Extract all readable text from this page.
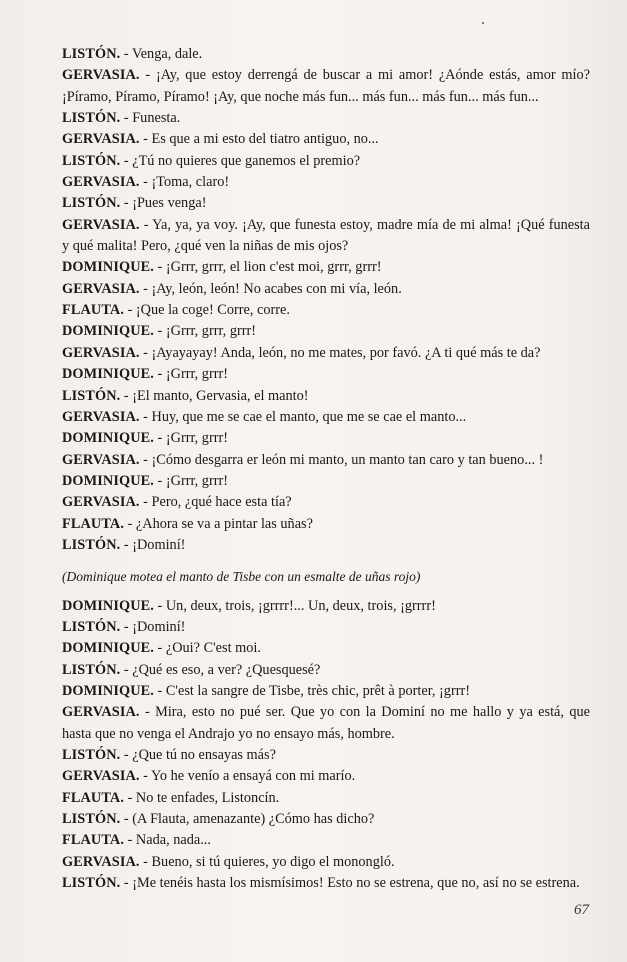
LISTÓN. - Venga, dale.
GERVASIA. - ¡Ay, que estoy derrengá de buscar a mi amor! ¿Aónde estás, amor mío? ¡Píramo, Píramo, Píramo! ¡Ay, que noche más fun... más fun... más fun... más fun...
LISTÓN. - Funesta.
GERVASIA. - Es que a mi esto del tiatro antiguo, no...
LISTÓN. - ¿Tú no quieres que ganemos el premio?
GERVASIA. - ¡Toma, claro!
LISTÓN. - ¡Pues venga!
GERVASIA. - Ya, ya, ya voy. ¡Ay, que funesta estoy, madre mía de mi alma! ¡Qué funesta y qué malita! Pero, ¿qué ven la niñas de mis ojos?
DOMINIQUE. - ¡Grrr, grrr, el lion c'est moi, grrr, grrr!
GERVASIA. - ¡Ay, león, león! No acabes con mi vía, león.
FLAUTA. - ¡Que la coge! Corre, corre.
DOMINIQUE. - ¡Grrr, grrr, grrr!
GERVASIA. - ¡Ayayayay! Anda, león, no me mates, por favó. ¿A ti qué más te da?
DOMINIQUE. - ¡Grrr, grrr!
LISTÓN. - ¡El manto, Gervasia, el manto!
GERVASIA. - Huy, que me se cae el manto, que me se cae el manto...
DOMINIQUE. - ¡Grrr, grrr!
GERVASIA. - ¡Cómo desgarra er león mi manto, un manto tan caro y tan bueno... !
DOMINIQUE. - ¡Grrr, grrr!
GERVASIA. - Pero, ¿qué hace esta tía?
FLAUTA. - ¿Ahora se va a pintar las uñas?
LISTÓN. - ¡Dominí!
(Dominique motea el manto de Tisbe con un esmalte de uñas rojo)
DOMINIQUE. - Un, deux, trois, ¡grrrr!... Un, deux, trois, ¡grrrr!
LISTÓN. - ¡Dominí!
DOMINIQUE. - ¿Oui? C'est moi.
LISTÓN. - ¿Qué es eso, a ver? ¿Quesquesé?
DOMINIQUE. - C'est la sangre de Tisbe, très chic, prêt à porter, ¡grrr!
GERVASIA. - Mira, esto no pué ser. Que yo con la Dominí no me hallo y ya está, que hasta que no venga el Andrajo yo no ensayo más, hombre.
LISTÓN. - ¿Que tú no ensayas más?
GERVASIA. - Yo he venío a ensayá con mi marío.
FLAUTA. - No te enfades, Listoncín.
LISTÓN. - (A Flauta, amenazante) ¿Cómo has dicho?
FLAUTA. - Nada, nada...
GERVASIA. - Bueno, si tú quieres, yo digo el monongló.
LISTÓN. - ¡Me tenéis hasta los mismísimos! Esto no se estrena, que no, así no se estrena.
67
